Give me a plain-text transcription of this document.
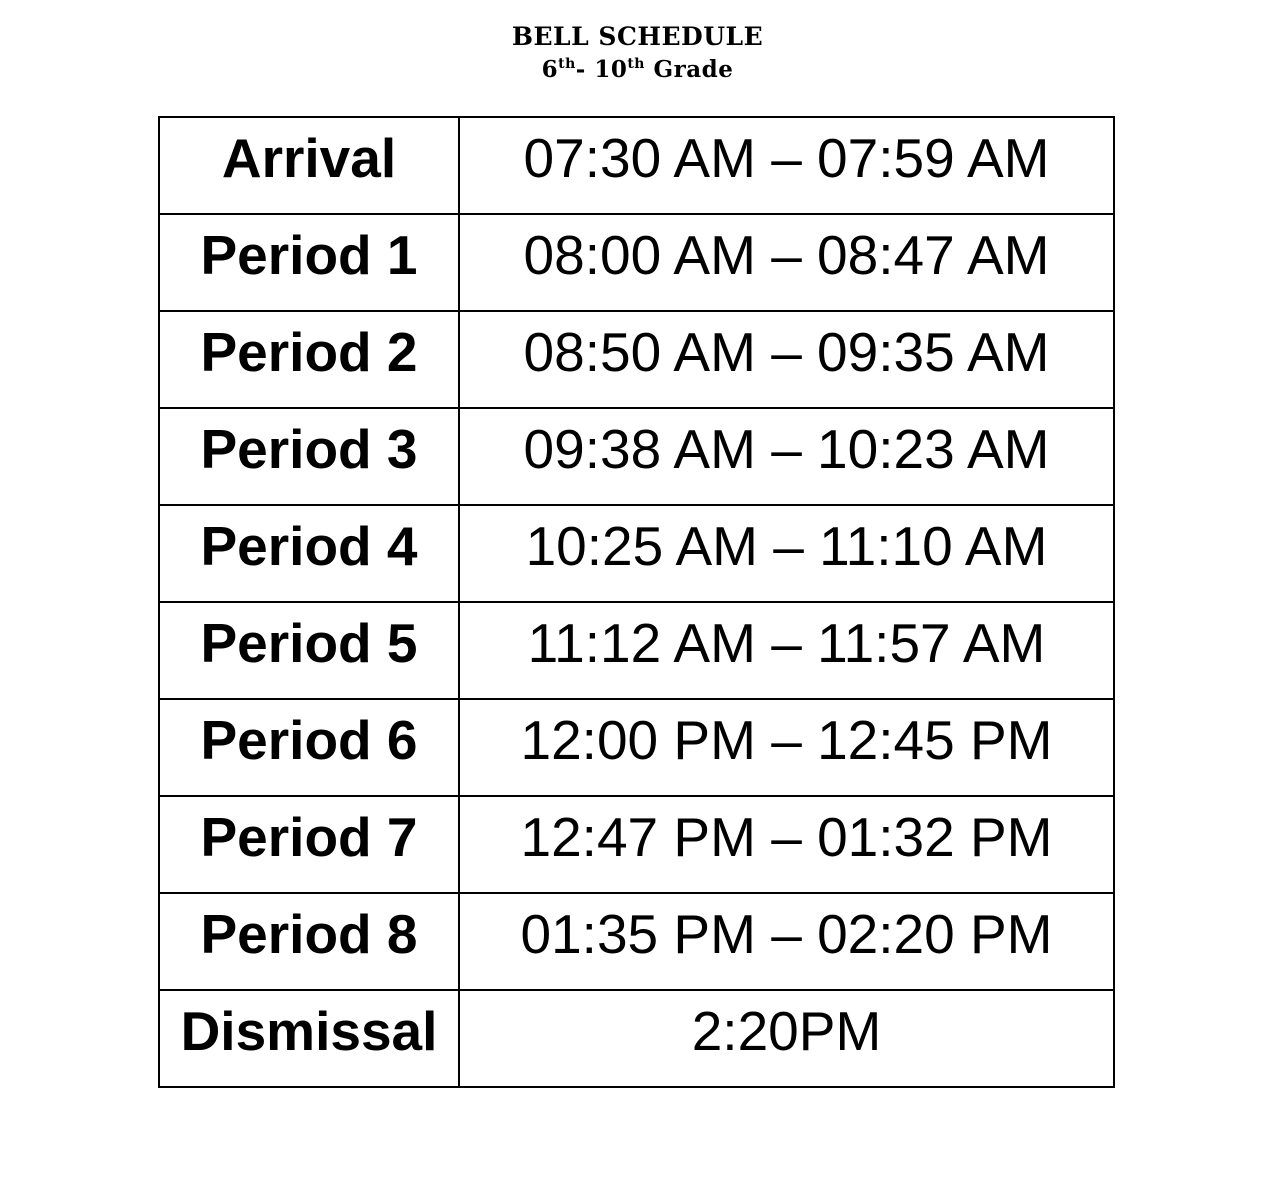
BELL SCHEDULE
6th- 10th Grade
Arrival	07:30 AM – 07:59 AM

Period 1	08:00 AM – 08:47 AM

Period 2	08:50 AM – 09:35 AM

Period 3	09:38 AM – 10:23 AM

Period 4	10:25 AM – 11:10 AM

Period 5	11:12 AM – 11:57 AM

Period 6	12:00 PM – 12:45 PM

Period 7	12:47 PM – 01:32 PM

Period 8	01:35 PM – 02:20 PM

Dismissal	2:20PM
